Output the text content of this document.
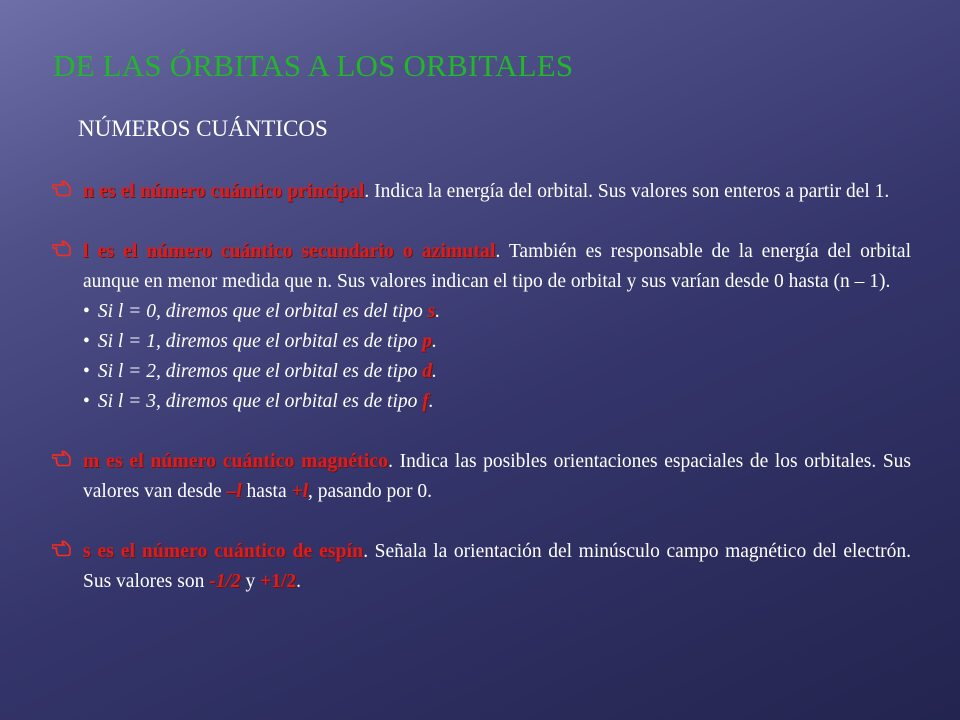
DE LAS ÓRBITAS A LOS ORBITALES
NÚMEROS CUÁNTICOS
n es el número cuántico principal. Indica la energía del orbital. Sus valores son enteros a partir del 1.
l es el número cuántico secundario o azimutal. También es responsable de la energía del orbital aunque en menor medida que n. Sus valores indican el tipo de orbital y sus varían desde 0 hasta (n – 1).
• Si l = 0, diremos que el orbital es del tipo s.
• Si l = 1, diremos que el orbital es de tipo p.
• Si l = 2, diremos que el orbital es de tipo d.
• Si l = 3, diremos que el orbital es de tipo f.
m es el número cuántico magnético. Indica las posibles orientaciones espaciales de los orbitales. Sus valores van desde –l hasta +l, pasando por 0.
s es el número cuántico de espín. Señala la orientación del minúsculo campo magnético del electrón. Sus valores son -1/2 y +1/2.
